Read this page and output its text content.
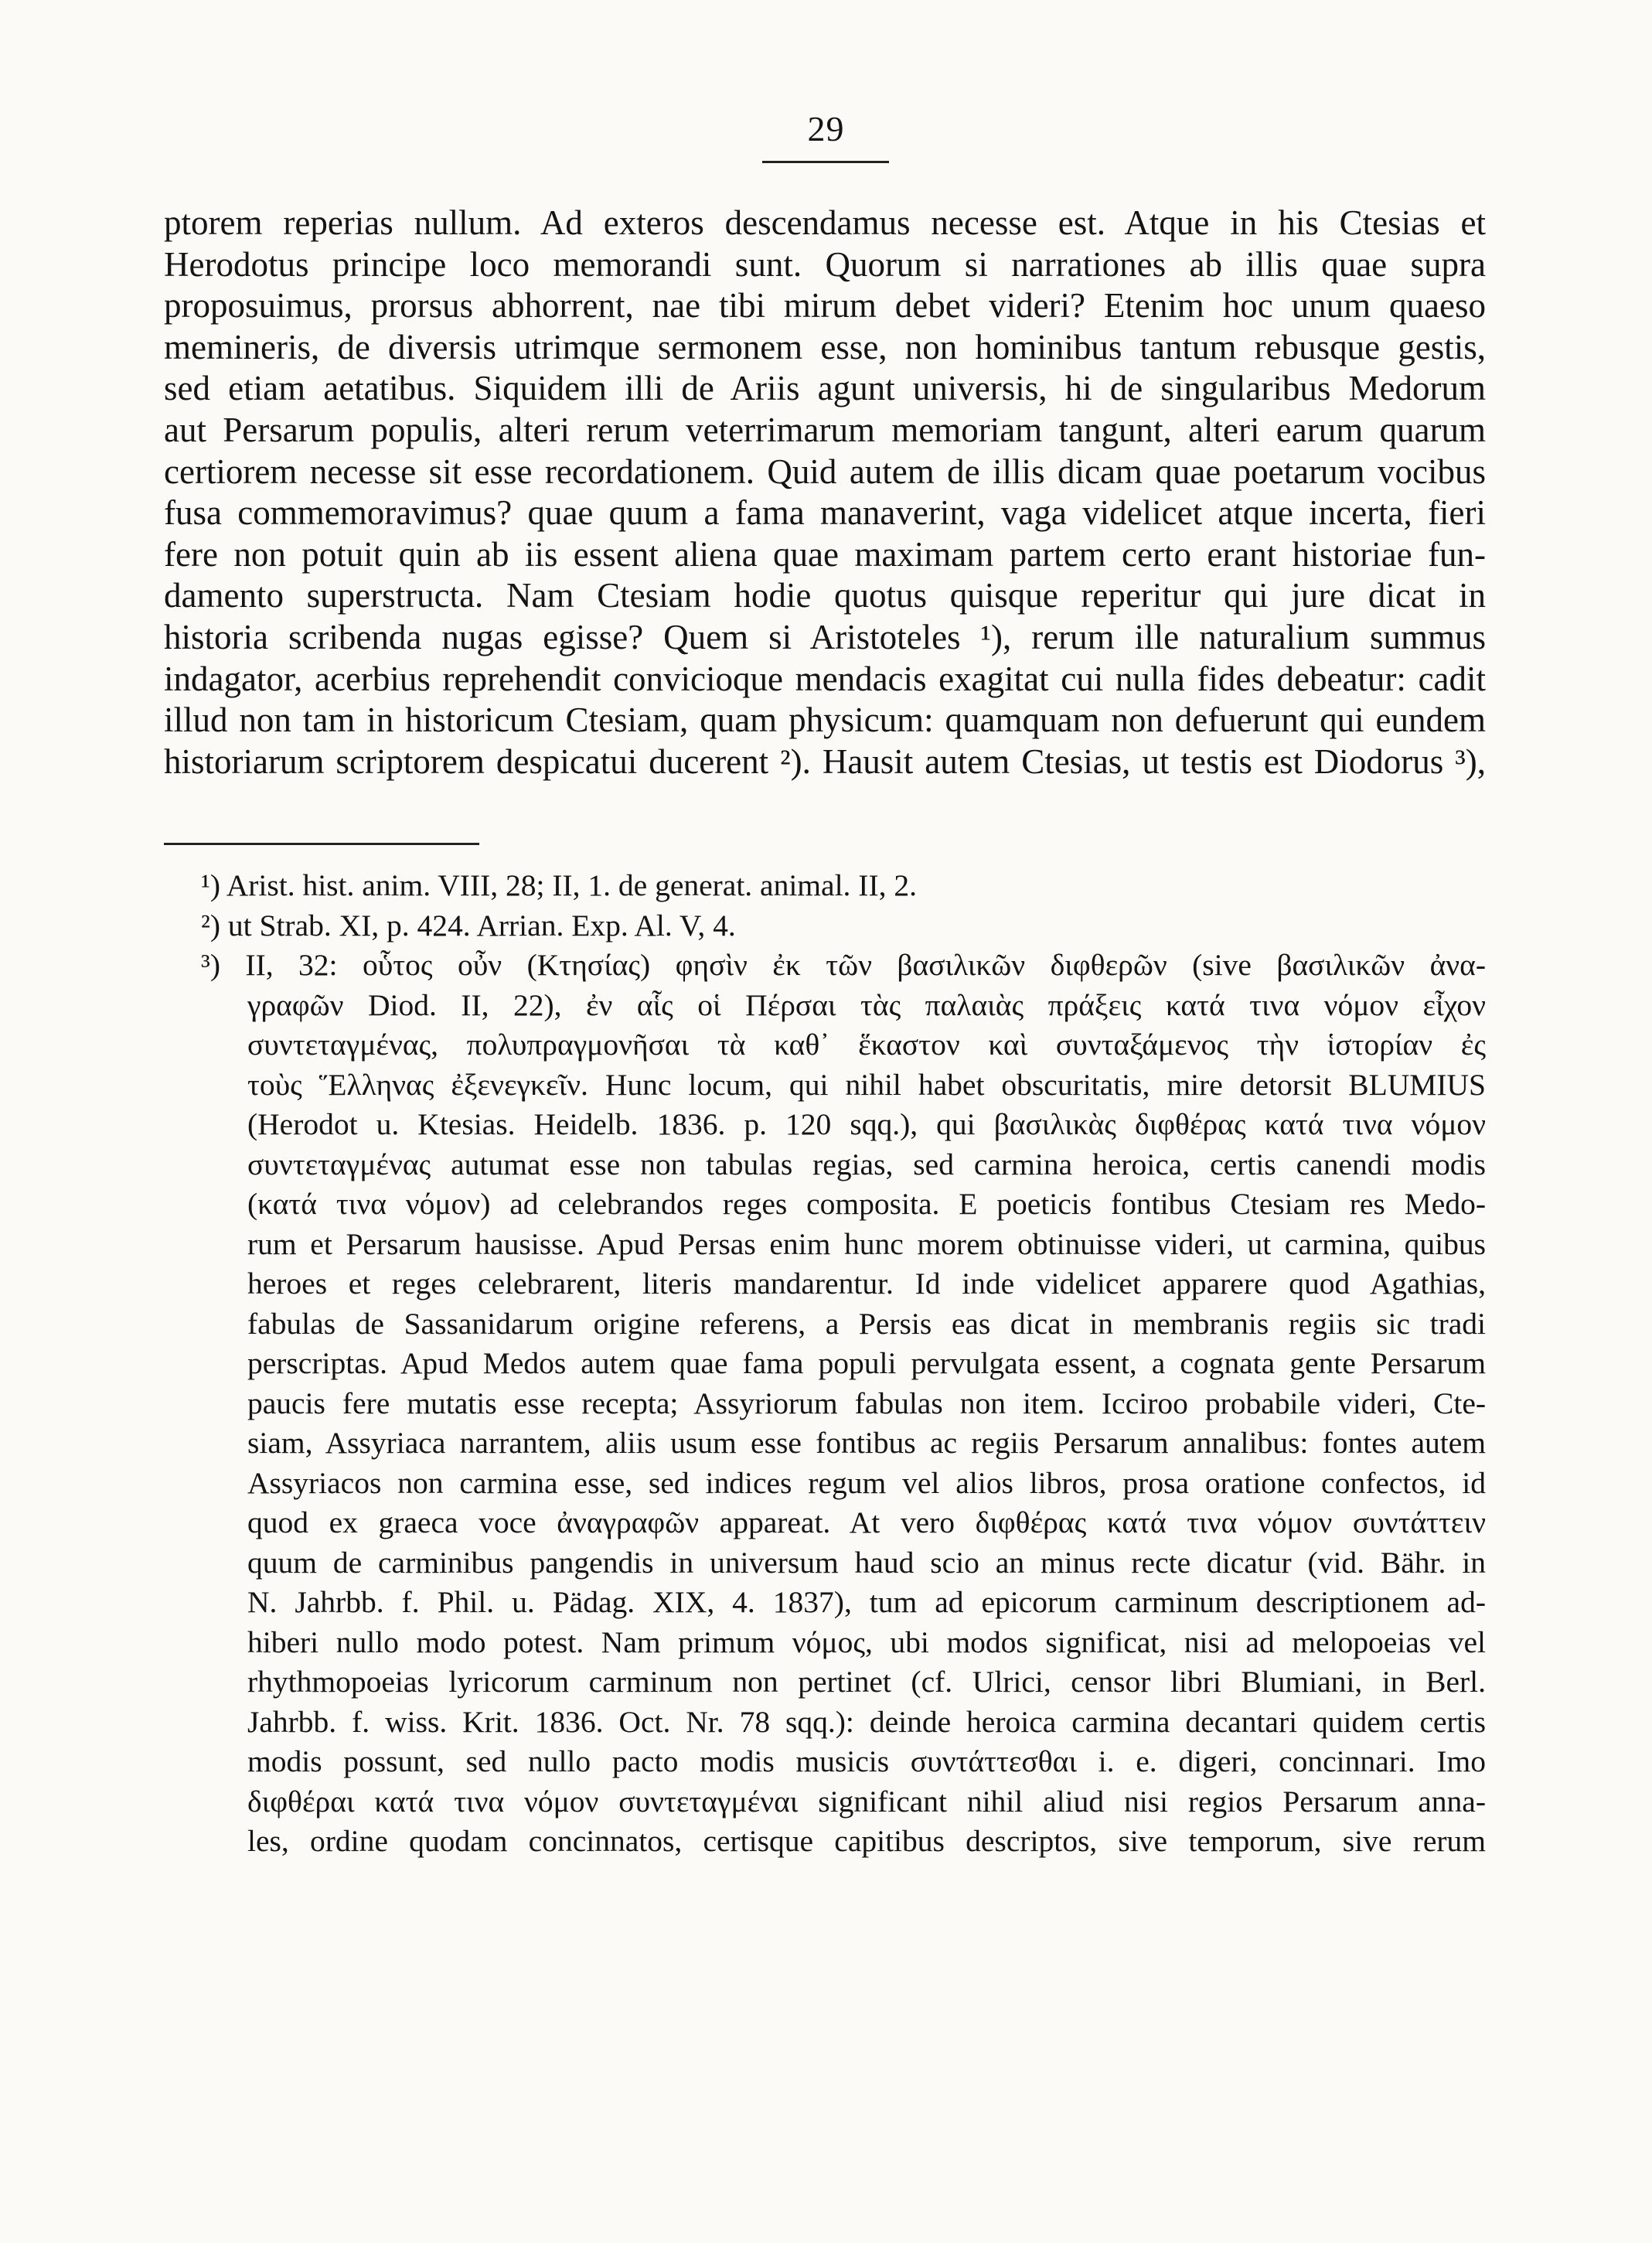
29
ptorem reperias nullum. Ad exteros descendamus necesse est. Atque in his Ctesias et
Herodotus principe loco memorandi sunt. Quorum si narrationes ab illis quae supra
proposuimus, prorsus abhorrent, nae tibi mirum debet videri? Etenim hoc unum quaeso
memineris, de diversis utrimque sermonem esse, non hominibus tantum rebusque gestis,
sed etiam aetatibus. Siquidem illi de Ariis agunt universis, hi de singularibus Medorum
aut Persarum populis, alteri rerum veterrimarum memoriam tangunt, alteri earum quarum
certiorem necesse sit esse recordationem. Quid autem de illis dicam quae poetarum vocibus
fusa commemoravimus? quae quum a fama manaverint, vaga videlicet atque incerta, fieri
fere non potuit quin ab iis essent aliena quae maximam partem certo erant historiae fun-
damento superstructa. Nam Ctesiam hodie quotus quisque reperitur qui jure dicat in
historia scribenda nugas egisse? Quem si Aristoteles ¹), rerum ille naturalium summus
indagator, acerbius reprehendit convicioque mendacis exagitat cui nulla fides debeatur: cadit
illud non tam in historicum Ctesiam, quam physicum: quamquam non defuerunt qui eundem
historiarum scriptorem despicatui ducerent ²). Hausit autem Ctesias, ut testis est Diodorus ³),
¹) Arist. hist. anim. VIII, 28; II, 1. de generat. animal. II, 2.
²) ut Strab. XI, p. 424. Arrian. Exp. Al. V, 4.
³) II, 32: οὗτος οὖν (Κτησίας) φησὶν ἐκ τῶν βασιλικῶν διφθερῶν (sive βασιλικῶν ἀνα-
γραφῶν Diod. II, 22), ἐν αἷς οἱ Πέρσαι τὰς παλαιὰς πράξεις κατά τινα νόμον εἶχον
συντεταγμένας, πολυπραγμονῆσαι τὰ καθ᾽ ἕκαστον καὶ συνταξάμενος τὴν ἱστορίαν ἐς
τοὺς Ἕλληνας ἐξενεγκεῖν. Hunc locum, qui nihil habet obscuritatis, mire detorsit BLUMIUS
(Herodot u. Ktesias. Heidelb. 1836. p. 120 sqq.), qui βασιλικὰς διφθέρας κατά τινα νόμον
συντεταγμένας autumat esse non tabulas regias, sed carmina heroica, certis canendi modis
(κατά τινα νόμον) ad celebrandos reges composita. E poeticis fontibus Ctesiam res Medo-
rum et Persarum hausisse. Apud Persas enim hunc morem obtinuisse videri, ut carmina, quibus
heroes et reges celebrarent, literis mandarentur. Id inde videlicet apparere quod Agathias,
fabulas de Sassanidarum origine referens, a Persis eas dicat in membranis regiis sic tradi
perscriptas. Apud Medos autem quae fama populi pervulgata essent, a cognata gente Persarum
paucis fere mutatis esse recepta; Assyriorum fabulas non item. Icciroo probabile videri, Cte-
siam, Assyriaca narrantem, aliis usum esse fontibus ac regiis Persarum annalibus: fontes autem
Assyriacos non carmina esse, sed indices regum vel alios libros, prosa oratione confectos, id
quod ex graeca voce ἀναγραφῶν appareat. At vero διφθέρας κατά τινα νόμον συντάττειν
quum de carminibus pangendis in universum haud scio an minus recte dicatur (vid. Bähr. in
N. Jahrbb. f. Phil. u. Pädag. XIX, 4. 1837), tum ad epicorum carminum descriptionem ad-
hiberi nullo modo potest. Nam primum νόμος, ubi modos significat, nisi ad melopoeias vel
rhythmopoeias lyricorum carminum non pertinet (cf. Ulrici, censor libri Blumiani, in Berl.
Jahrbb. f. wiss. Krit. 1836. Oct. Nr. 78 sqq.): deinde heroica carmina decantari quidem certis
modis possunt, sed nullo pacto modis musicis συντάττεσθαι i. e. digeri, concinnari. Imo
διφθέραι κατά τινα νόμον συντεταγμέναι significant nihil aliud nisi regios Persarum anna-
les, ordine quodam concinnatos, certisque capitibus descriptos, sive temporum, sive rerum
